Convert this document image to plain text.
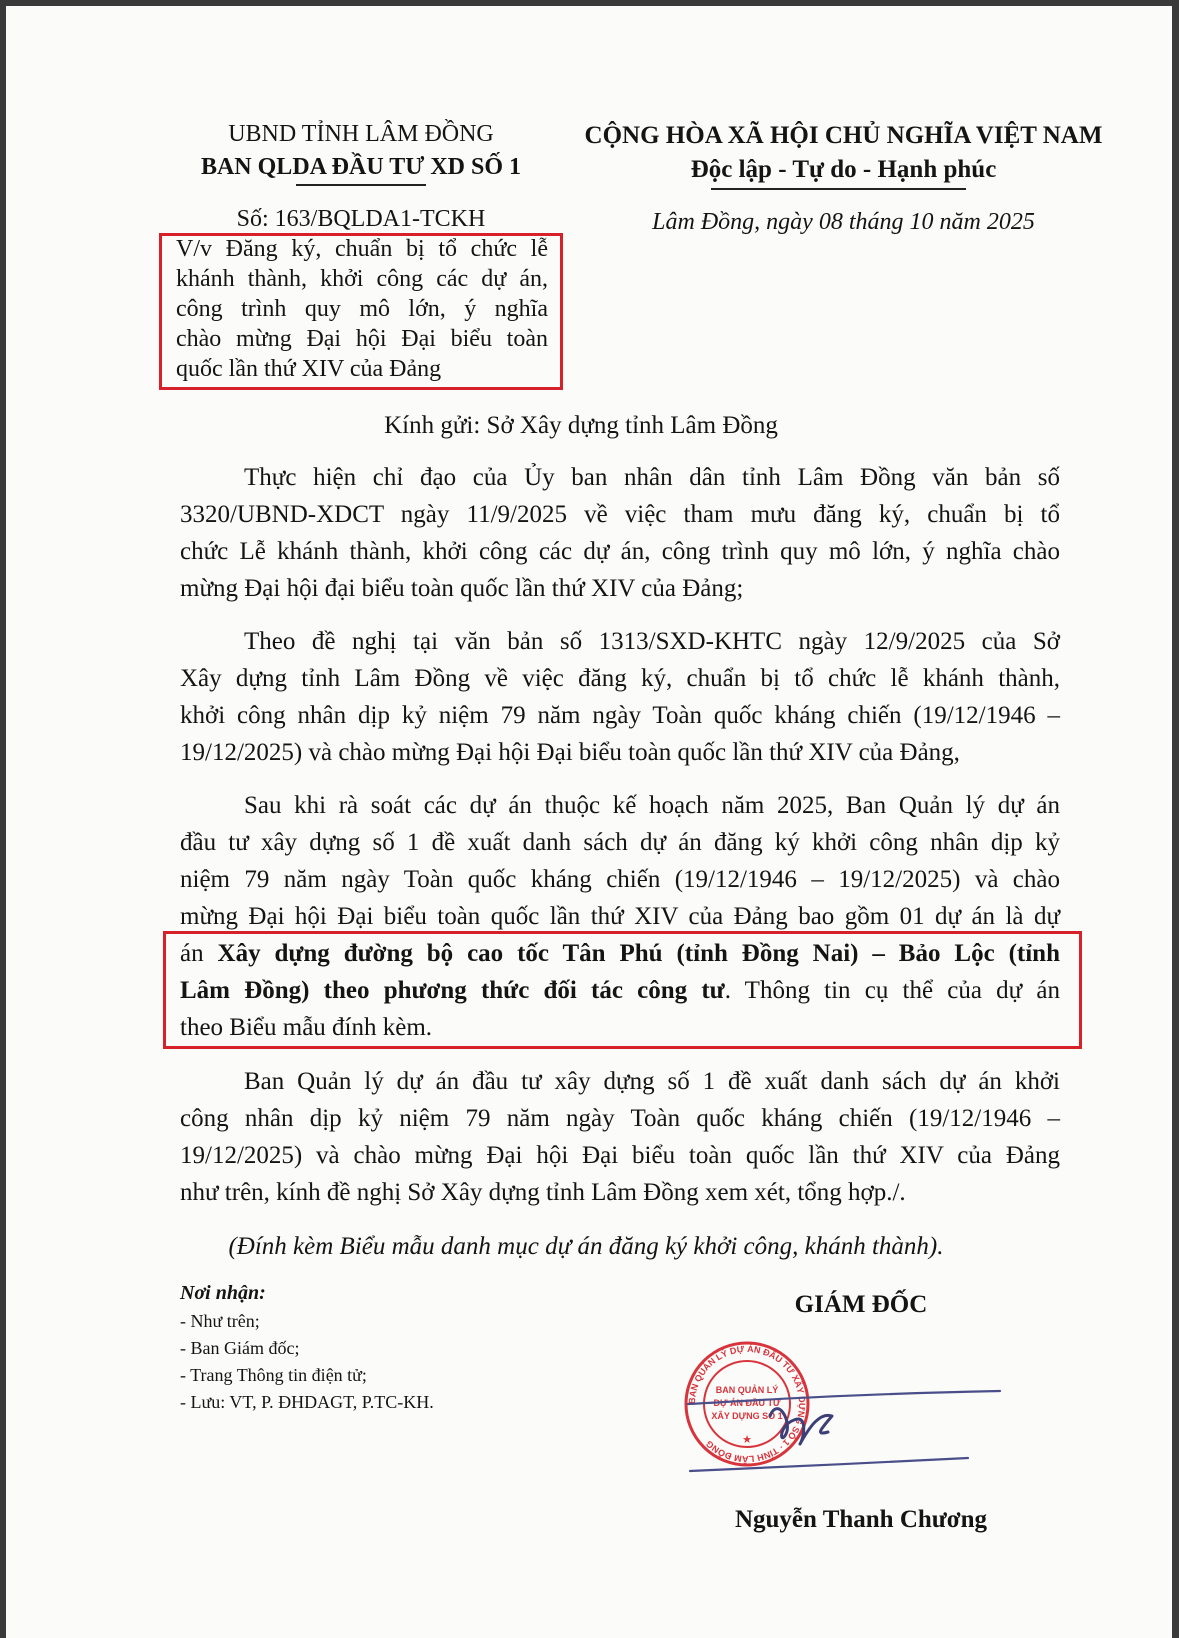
UBND TỈNH LÂM ĐỒNG
BAN QLDA ĐẦU TƯ XD SỐ 1
Số: 163/BQLDA1-TCKH
CỘNG HÒA XÃ HỘI CHỦ NGHĨA VIỆT NAM
Độc lập - Tự do - Hạnh phúc
Lâm Đồng, ngày 08 tháng 10 năm 2025
V/v Đăng ký, chuẩn bị tổ chức lễ
khánh thành, khởi công các dự án,
công trình quy mô lớn, ý nghĩa
chào mừng Đại hội Đại biểu toàn
quốc lần thứ XIV của Đảng
Kính gửi: Sở Xây dựng tỉnh Lâm Đồng
Thực hiện chỉ đạo của Ủy ban nhân dân tỉnh Lâm Đồng văn bản số
3320/UBND-XDCT ngày 11/9/2025 về việc tham mưu đăng ký, chuẩn bị tổ
chức Lễ khánh thành, khởi công các dự án, công trình quy mô lớn, ý nghĩa chào
mừng Đại hội đại biểu toàn quốc lần thứ XIV của Đảng;
Theo đề nghị tại văn bản số 1313/SXD-KHTC ngày 12/9/2025 của Sở
Xây dựng tỉnh Lâm Đồng về việc đăng ký, chuẩn bị tổ chức lễ khánh thành,
khởi công nhân dịp kỷ niệm 79 năm ngày Toàn quốc kháng chiến (19/12/1946 –
19/12/2025) và chào mừng Đại hội Đại biểu toàn quốc lần thứ XIV của Đảng,
Sau khi rà soát các dự án thuộc kế hoạch năm 2025, Ban Quản lý dự án
đầu tư xây dựng số 1 đề xuất danh sách dự án đăng ký khởi công nhân dịp kỷ
niệm 79 năm ngày Toàn quốc kháng chiến (19/12/1946 – 19/12/2025) và chào
mừng Đại hội Đại biểu toàn quốc lần thứ XIV của Đảng bao gồm 01 dự án là dự
án Xây dựng đường bộ cao tốc Tân Phú (tỉnh Đồng Nai) – Bảo Lộc (tỉnh
Lâm Đồng) theo phương thức đối tác công tư. Thông tin cụ thể của dự án
theo Biểu mẫu đính kèm.
Ban Quản lý dự án đầu tư xây dựng số 1 đề xuất danh sách dự án khởi
công nhân dịp kỷ niệm 79 năm ngày Toàn quốc kháng chiến (19/12/1946 –
19/12/2025) và chào mừng Đại hội Đại biểu toàn quốc lần thứ XIV của Đảng
như trên, kính đề nghị Sở Xây dựng tỉnh Lâm Đồng xem xét, tổng hợp./.
(Đính kèm Biểu mẫu danh mục dự án đăng ký khởi công, khánh thành).
Nơi nhận:
- Như trên;
- Ban Giám đốc;
- Trang Thông tin điện tử;
- Lưu: VT, P. ĐHDAGT, P.TC-KH.
GIÁM ĐỐC
BAN QUẢN LÝ DỰ ÁN ĐẦU TƯ XÂY DỰNG SỐ 1 · TỈNH LÂM ĐỒNG
BAN QUẢN LÝ
DỰ ÁN ĐẦU TƯ
XÂY DỰNG SỐ 1
★
Nguyễn Thanh Chương
